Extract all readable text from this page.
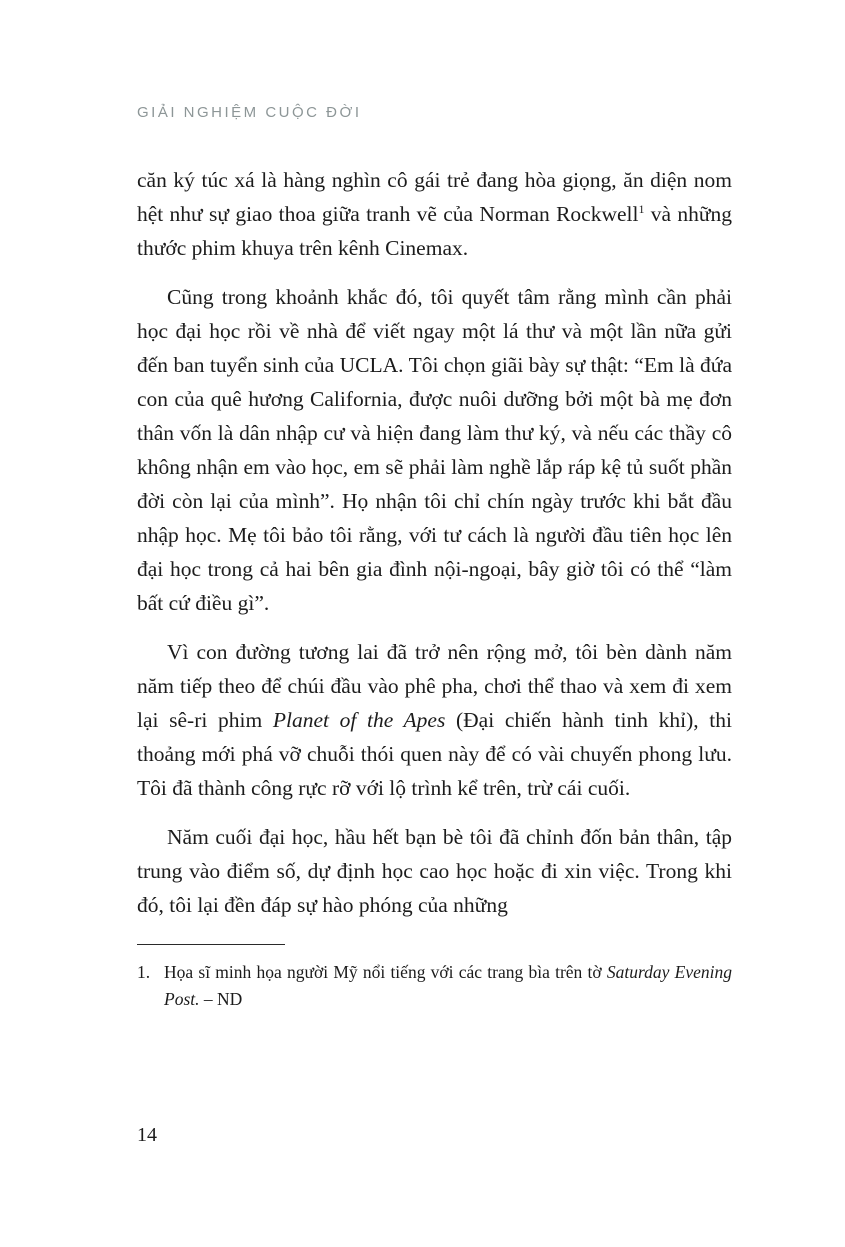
GIẢI NGHIỆM CUỘC ĐỜI

căn ký túc xá là hàng nghìn cô gái trẻ đang hòa giọng, ăn diện nom hệt như sự giao thoa giữa tranh vẽ của Norman Rockwell$^1$ và những thước phim khuya trên kênh Cinemax.

Cũng trong khoảnh khắc đó, tôi quyết tâm rằng mình cần phải học đại học rồi về nhà để viết ngay một lá thư và một lần nữa gửi đến ban tuyển sinh của UCLA. Tôi chọn giãi bày sự thật: “Em là đứa con của quê hương California, được nuôi dưỡng bởi một bà mẹ đơn thân vốn là dân nhập cư và hiện đang làm thư ký, và nếu các thầy cô không nhận em vào học, em sẽ phải làm nghề lắp ráp kệ tủ suốt phần đời còn lại của mình”. Họ nhận tôi chỉ chín ngày trước khi bắt đầu nhập học. Mẹ tôi bảo tôi rằng, với tư cách là người đầu tiên học lên đại học trong cả hai bên gia đình nội-ngoại, bây giờ tôi có thể “làm bất cứ điều gì”.

Vì con đường tương lai đã trở nên rộng mở, tôi bèn dành năm năm tiếp theo để chúi đầu vào phê pha, chơi thể thao và xem đi xem lại sê-ri phim Planet of the Apes (Đại chiến hành tinh khỉ), thi thoảng mới phá vỡ chuỗi thói quen này để có vài chuyến phong lưu. Tôi đã thành công rực rỡ với lộ trình kể trên, trừ cái cuối.

Năm cuối đại học, hầu hết bạn bè tôi đã chỉnh đốn bản thân, tập trung vào điểm số, dự định học cao học hoặc đi xin việc. Trong khi đó, tôi lại đền đáp sự hào phóng của những

1. Họa sĩ minh họa người Mỹ nổi tiếng với các trang bìa trên tờ Saturday Evening Post. – ND

14
